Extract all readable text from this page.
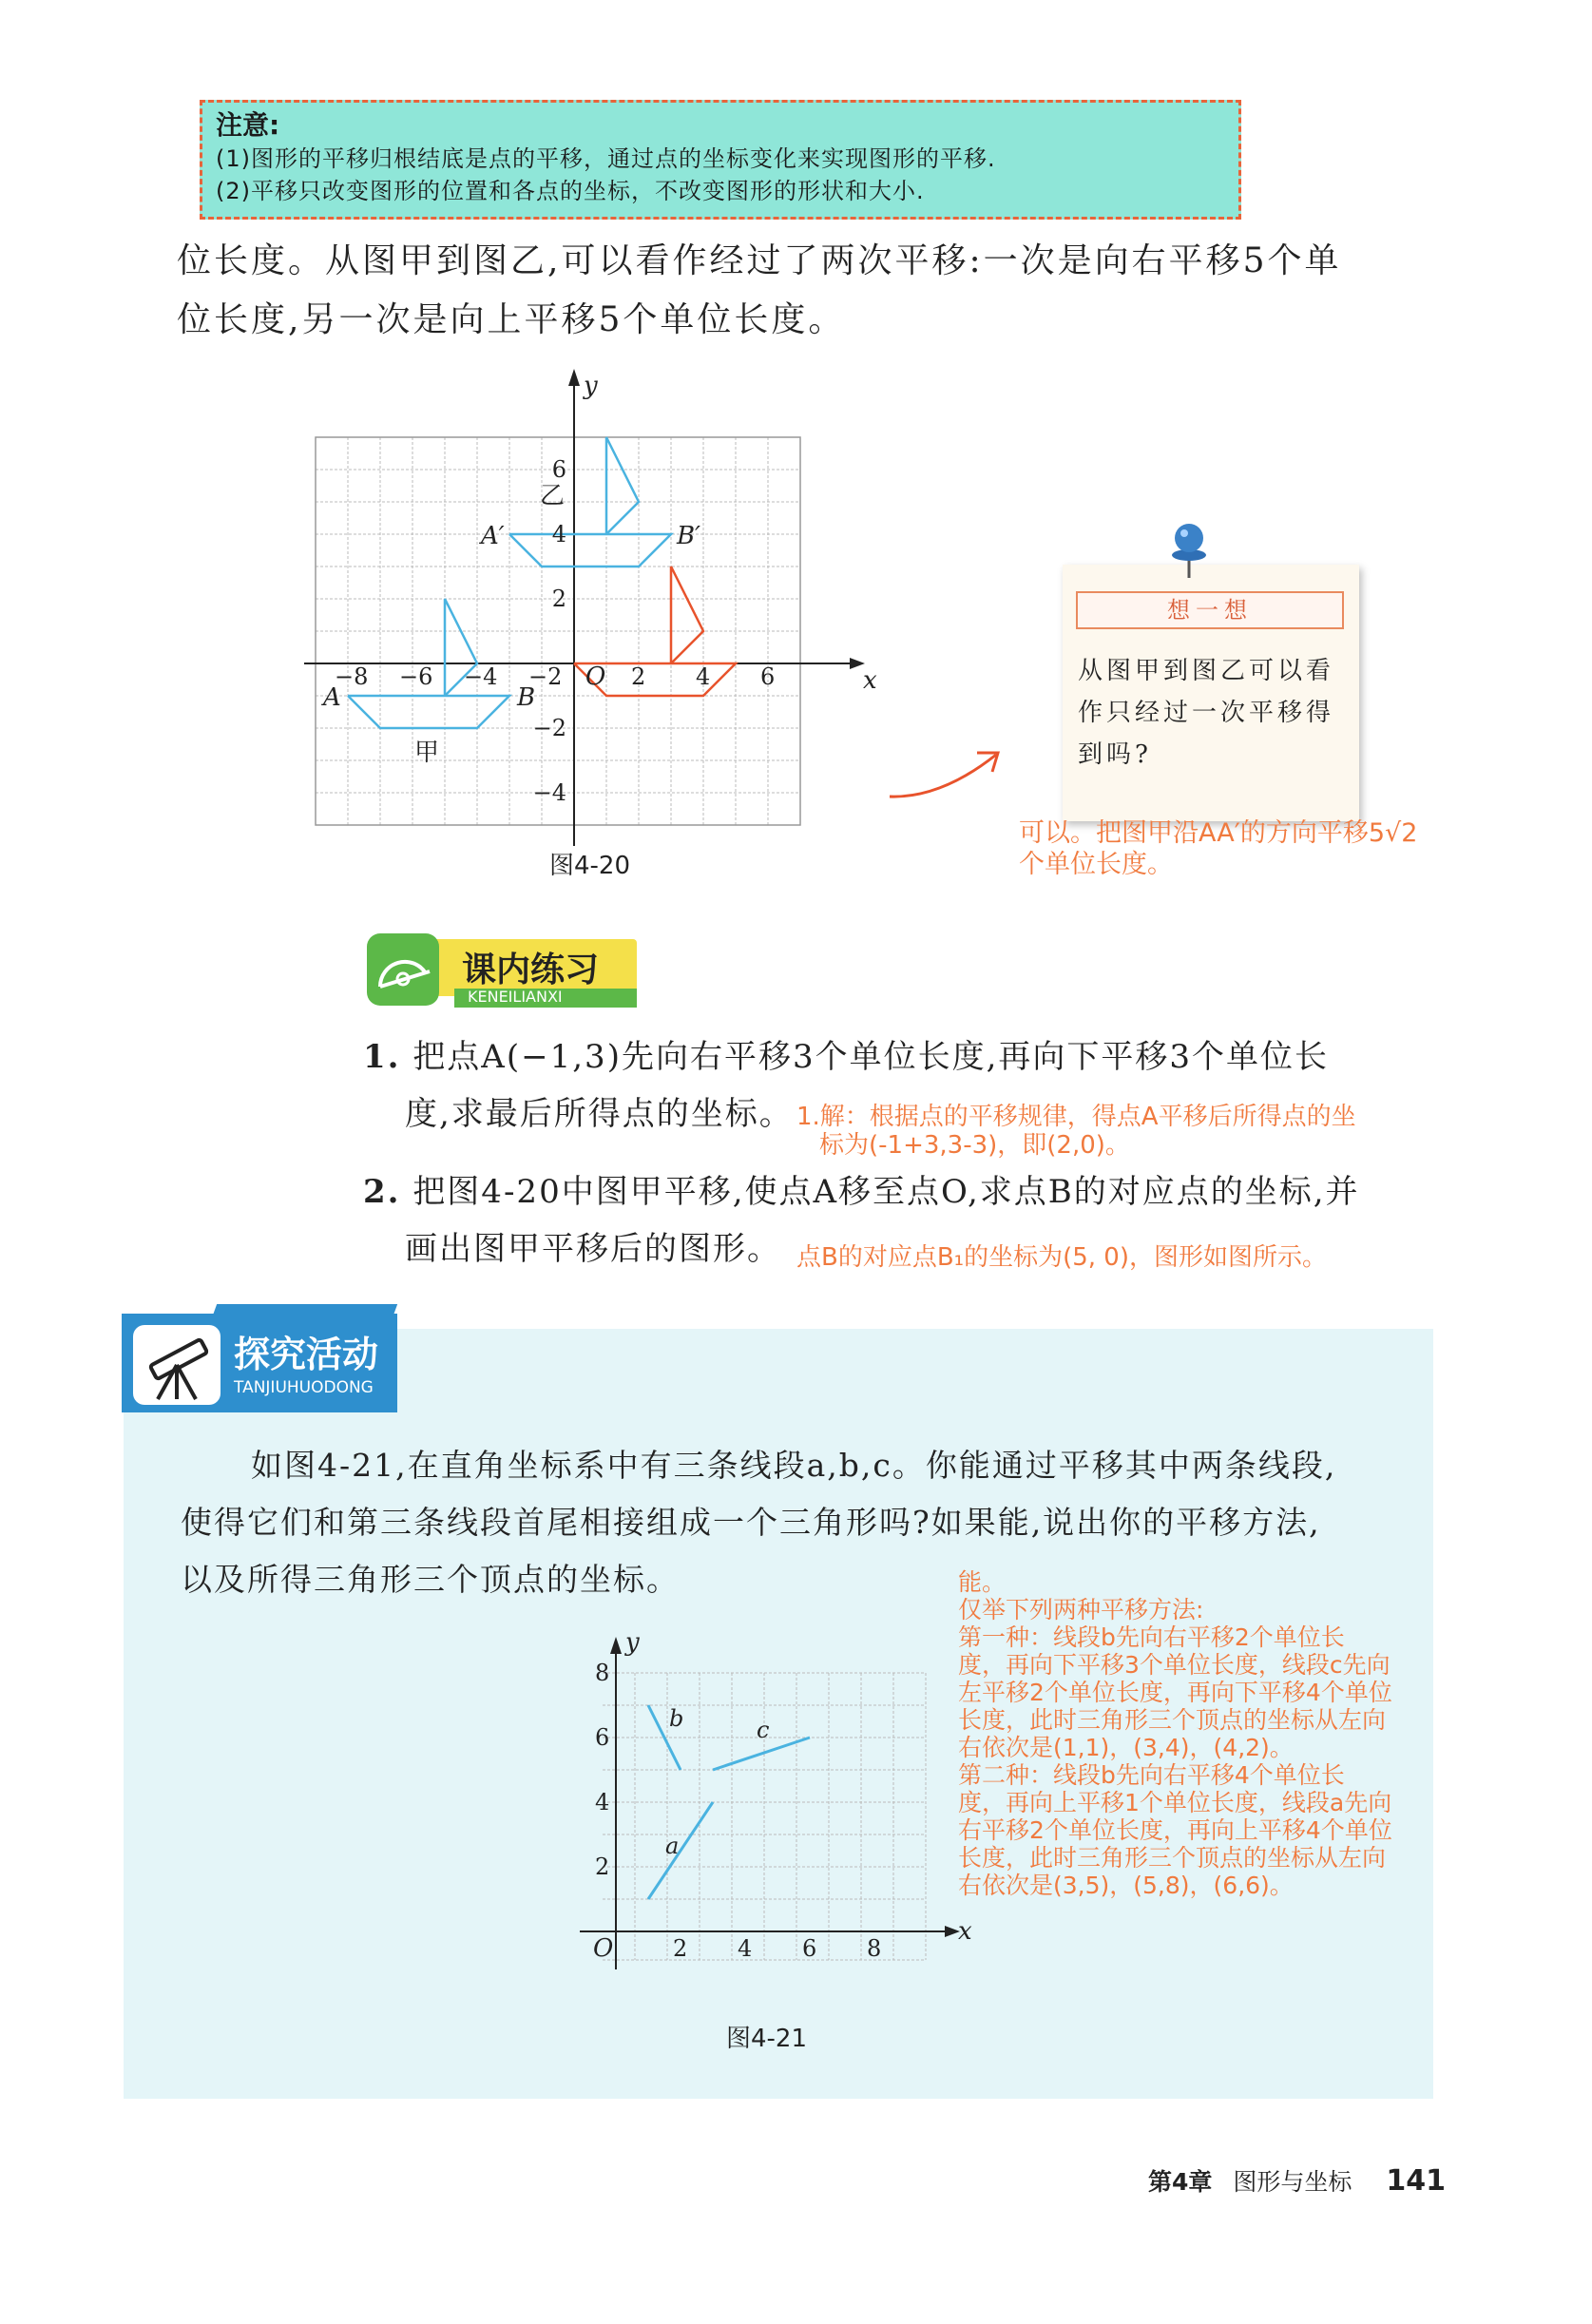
注意:
(1)图形的平移归根结底是点的平移，通过点的坐标变化来实现图形的平移.
(2)平移只改变图形的位置和各点的坐标，不改变图形的形状和大小.
位长度。从图甲到图乙,可以看作经过了两次平移:一次是向右平移5个单
位长度,另一次是向上平移5个单位长度。
−8 −6 −4 −2	2 4 6
O	x
y
6
4
2
−2
−4
A	B
A′	B′
乙
甲
图4-20
想一想
从图甲到图乙可以看作只经过一次平移得到吗?
可以。把图甲沿AA′的方向平移5√2
个单位长度。
课内练习
KENEILIANXI
1. 把点A(−1,3)先向右平移3个单位长度,再向下平移3个单位长
度,求最后所得点的坐标。 1.解：根据点的平移规律，得点A平移后所得点的坐
标为(-1+3,3-3)，即(2,0)。
2. 把图4-20中图甲平移,使点A移至点O,求点B的对应点的坐标,并
画出图甲平移后的图形。 点B的对应点B₁的坐标为(5, 0)，图形如图所示。
探究活动
TANJIUHUODONG
如图4-21,在直角坐标系中有三条线段a,b,c。你能通过平移其中两条线段,
使得它们和第三条线段首尾相接组成一个三角形吗?如果能,说出你的平移方法,
以及所得三角形三个顶点的坐标。	能。
仅举下列两种平移方法:
第一种：线段b先向右平移2个单位长
度，再向下平移3个单位长度，线段c先向
左平移2个单位长度，再向下平移4个单位
长度，此时三角形三个顶点的坐标从左向
右依次是(1,1)，(3,4)，(4,2)。
第二种：线段b先向右平移4个单位长
度，再向上平移1个单位长度，线段a先向
右平移2个单位长度，再向上平移4个单位
长度，此时三角形三个顶点的坐标从左向
右依次是(3,5)，(5,8)，(6,6)。
a
b	c
O
x
y
2 4 6 8
8
6
4
2
图4-21
第4章 图形与坐标 141
